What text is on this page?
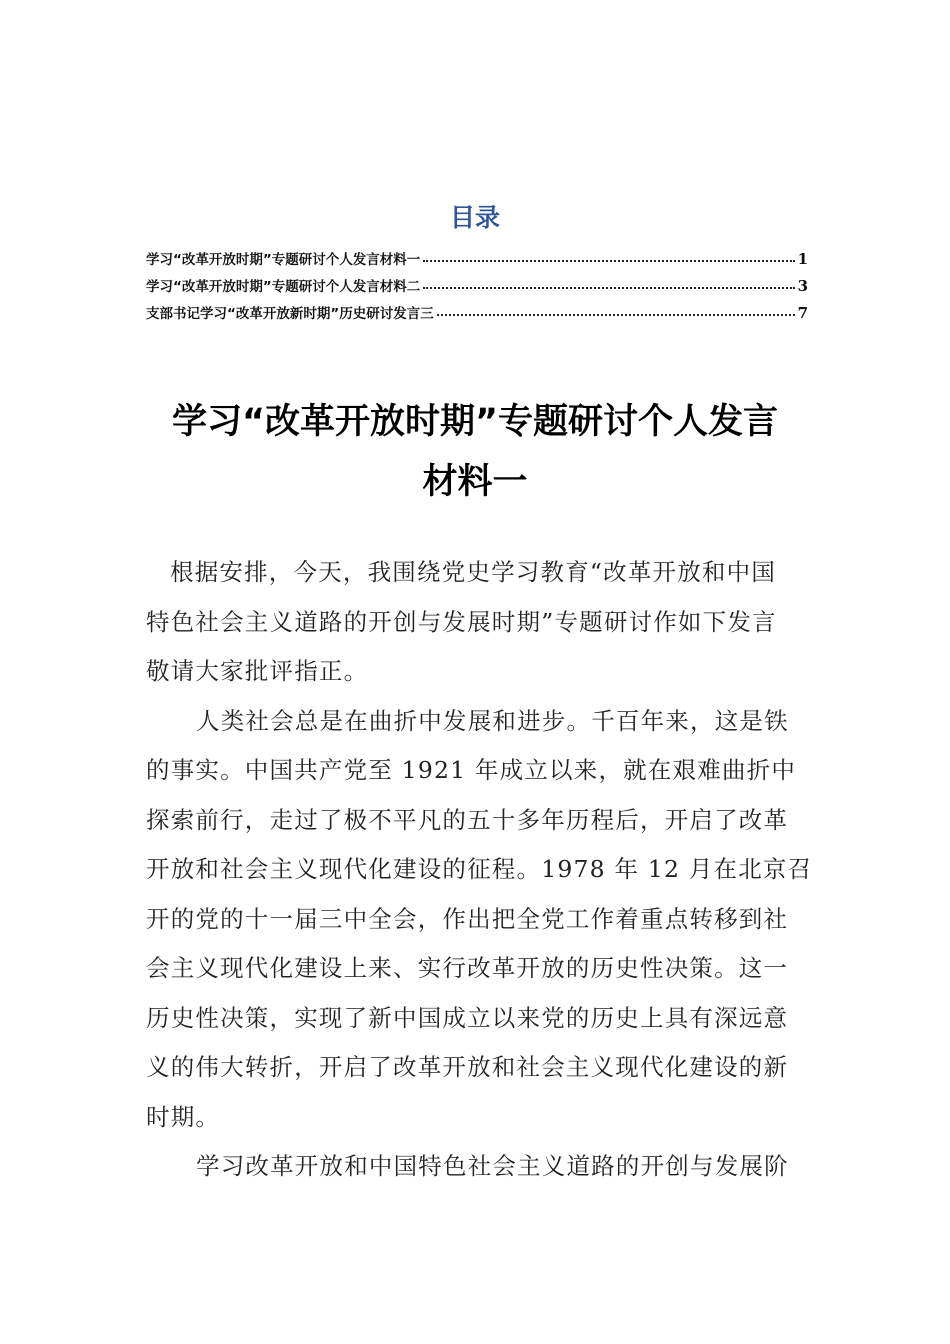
目录
学习“改革开放时期”专题研讨个人发言材料一	1
学习“改革开放时期”专题研讨个人发言材料二	3
支部书记学习“改革开放新时期”历史研讨发言三	7
学习“改革开放时期”专题研讨个人发言
材料一

根据安排，今天，我围绕党史学习教育“改革开放和中国
特色社会主义道路的开创与发展时期”专题研讨作如下发言
敬请大家批评指正。

人类社会总是在曲折中发展和进步。千百年来，这是铁
的事实。中国共产党至 1921 年成立以来，就在艰难曲折中
探索前行，走过了极不平凡的五十多年历程后，开启了改革
开放和社会主义现代化建设的征程。1978 年 12 月在北京召
开的党的十一届三中全会，作出把全党工作着重点转移到社
会主义现代化建设上来、实行改革开放的历史性决策。这一
历史性决策，实现了新中国成立以来党的历史上具有深远意
义的伟大转折，开启了改革开放和社会主义现代化建设的新
时期。

学习改革开放和中国特色社会主义道路的开创与发展阶
